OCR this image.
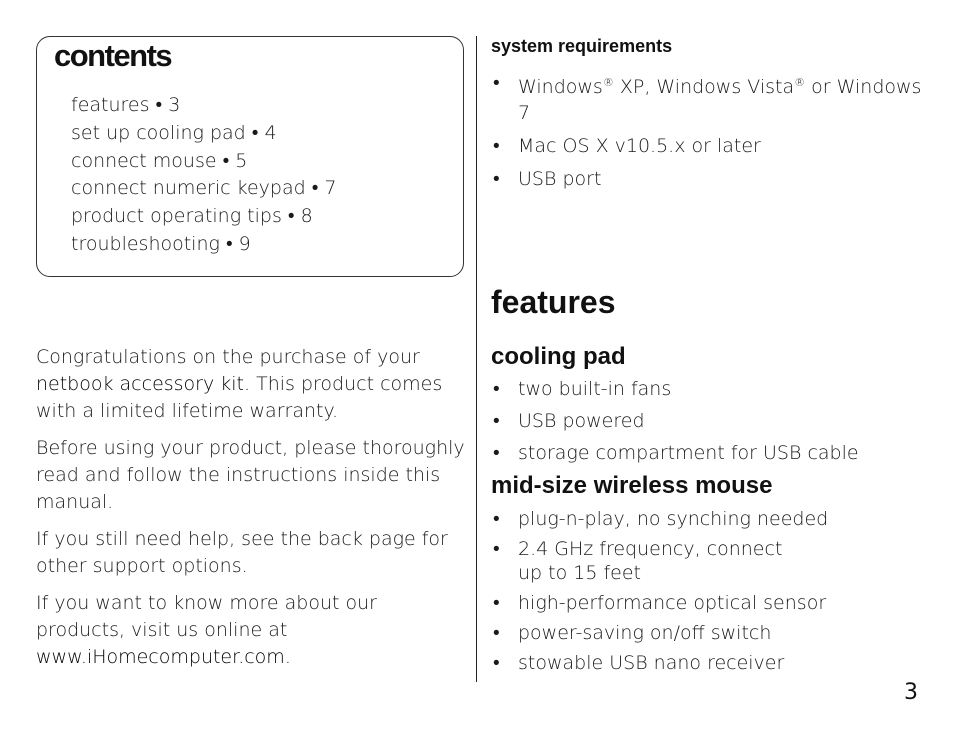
contents
features • 3
set up cooling pad • 4
connect mouse • 5
connect numeric keypad • 7
product operating tips • 8
troubleshooting • 9

Congratulations on the purchase of your netbook accessory kit. This product comes with a limited lifetime warranty.

Before using your product, please thoroughly read and follow the instructions inside this manual.

If you still need help, see the back page for other support options.

If you want to know more about our products, visit us online at www.iHomecomputer.com.

system requirements
• Windows® XP, Windows Vista® or Windows 7
• Mac OS X v10.5.x or later
• USB port
features
cooling pad
• two built-in fans
• USB powered
• storage compartment for USB cable
mid-size wireless mouse
• plug-n-play, no synching needed
• 2.4 GHz frequency, connect
up to 15 feet
• high-performance optical sensor
• power-saving on/off switch
• stowable USB nano receiver
3
